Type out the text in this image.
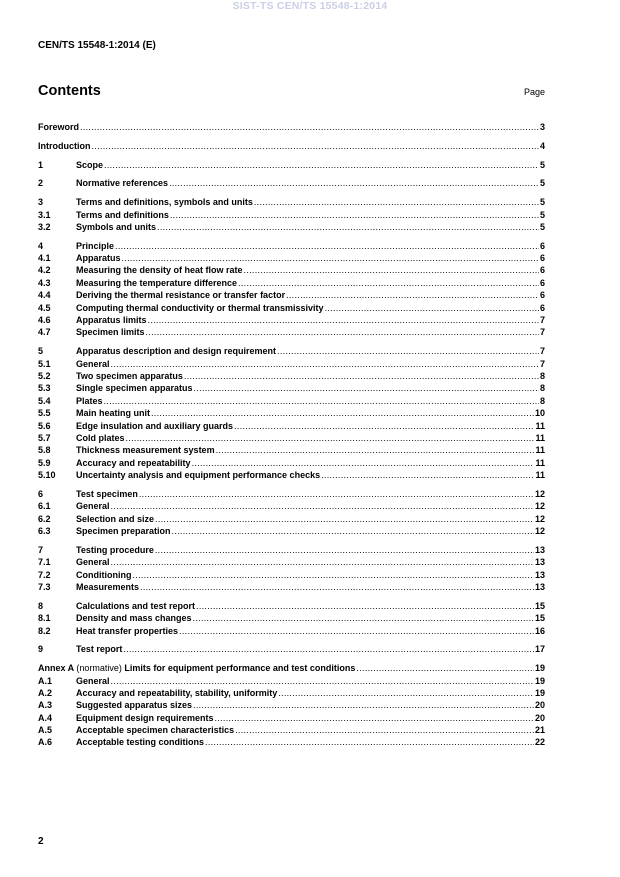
SIST-TS CEN/TS 15548-1:2014
CEN/TS 15548-1:2014 (E)
Contents	Page
Foreword .....	3
Introduction .....	4
1	Scope .....	5
2	Normative references .....	5
3	Terms and definitions, symbols and units .....	5
3.1	Terms and definitions .....	5
3.2	Symbols and units .....	5
4	Principle .....	6
4.1	Apparatus .....	6
4.2	Measuring the density of heat flow rate .....	6
4.3	Measuring the temperature difference .....	6
4.4	Deriving the thermal resistance or transfer factor .....	6
4.5	Computing thermal conductivity or thermal transmissivity .....	6
4.6	Apparatus limits .....	7
4.7	Specimen limits .....	7
5	Apparatus description and design requirement .....	7
5.1	General .....	7
5.2	Two specimen apparatus .....	8
5.3	Single specimen apparatus .....	8
5.4	Plates .....	8
5.5	Main heating unit .....	10
5.6	Edge insulation and auxiliary guards .....	11
5.7	Cold plates .....	11
5.8	Thickness measurement system .....	11
5.9	Accuracy and repeatability .....	11
5.10	Uncertainty analysis and equipment performance checks .....	11
6	Test specimen .....	12
6.1	General .....	12
6.2	Selection and size .....	12
6.3	Specimen preparation .....	12
7	Testing procedure .....	13
7.1	General .....	13
7.2	Conditioning .....	13
7.3	Measurements .....	13
8	Calculations and test report .....	15
8.1	Density and mass changes .....	15
8.2	Heat transfer properties .....	16
9	Test report .....	17
Annex A (normative) Limits for equipment performance and test conditions .....	19
A.1	General .....	19
A.2	Accuracy and repeatability, stability, uniformity .....	19
A.3	Suggested apparatus sizes .....	20
A.4	Equipment design requirements .....	20
A.5	Acceptable specimen characteristics .....	21
A.6	Acceptable testing conditions .....	22
2
